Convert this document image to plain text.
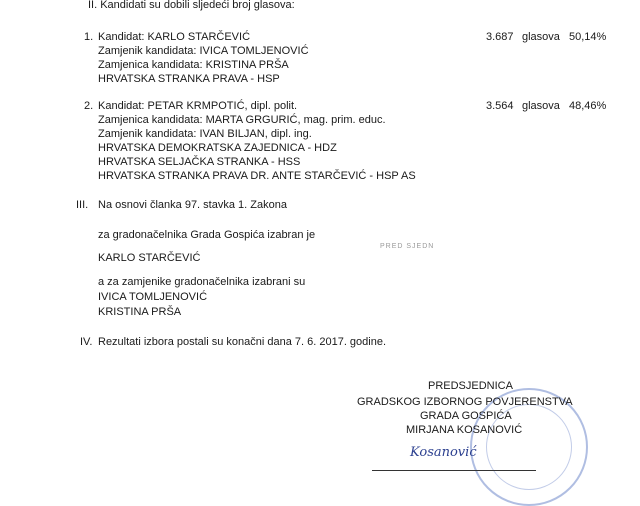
II. Kandidati su dobili sljedeći broj glasova:
1. Kandidat: KARLO STARČEVIĆ
Zamjenik kandidata: IVICA TOMLJENOVIĆ
Zamjenica kandidata: KRISTINA PRŠA
HRVATSKA STRANKA PRAVA - HSP
3.687 glasova 50,14%
2. Kandidat: PETAR KRMPOTIĆ, dipl. polit.
Zamjenica kandidata: MARTA GRGURIĆ, mag. prim. educ.
Zamjenik kandidata: IVAN BILJAN, dipl. ing.
HRVATSKA DEMOKRATSKA ZAJEDNICA - HDZ
HRVATSKA SELJAČKA STRANKA - HSS
HRVATSKA STRANKA PRAVA DR. ANTE STARČEVIĆ - HSP AS
3.564 glasova 48,46%
III. Na osnovi članka 97. stavka 1. Zakona
za gradonačelnika Grada Gospića izabran je
PRED SJEDN
KARLO STARČEVIĆ
a za zamjenike gradonačelnika izabrani su
IVICA TOMLJENOVIĆ
KRISTINA PRŠA
IV. Rezultati izbora postali su konačni dana 7. 6. 2017. godine.
PREDSJEDNICA
GRADSKOG IZBORNOG POVJERENSTVA
GRADA GOSPIĆA
MIRJANA KOSANOVIĆ
Kosanović
